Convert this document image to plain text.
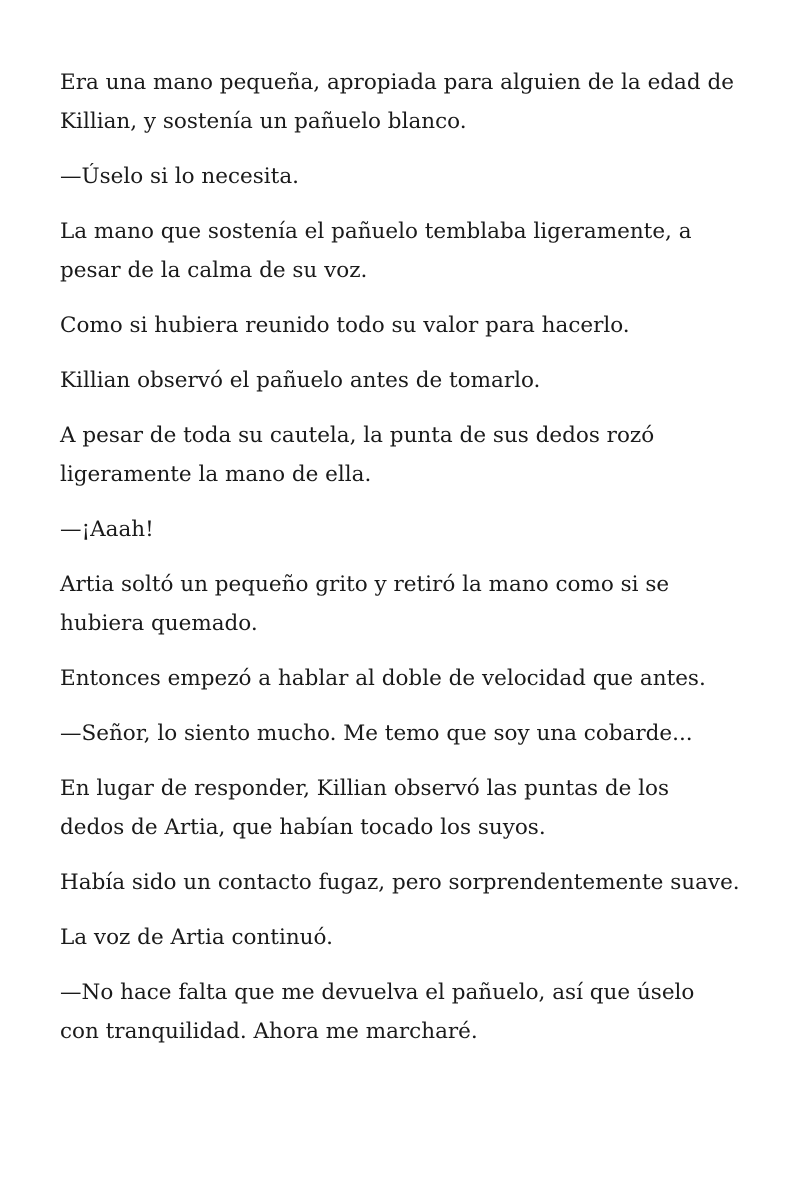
Era una mano pequeña, apropiada para alguien de la edad de Killian, y sostenía un pañuelo blanco.

—Úselo si lo necesita.

La mano que sostenía el pañuelo temblaba ligeramente, a pesar de la calma de su voz.

Como si hubiera reunido todo su valor para hacerlo.

Killian observó el pañuelo antes de tomarlo.

A pesar de toda su cautela, la punta de sus dedos rozó ligeramente la mano de ella.

—¡Aaah!

Artia soltó un pequeño grito y retiró la mano como si se hubiera quemado.

Entonces empezó a hablar al doble de velocidad que antes.

—Señor, lo siento mucho. Me temo que soy una cobarde...

En lugar de responder, Killian observó las puntas de los dedos de Artia, que habían tocado los suyos.

Había sido un contacto fugaz, pero sorprendentemente suave.

La voz de Artia continuó.

—No hace falta que me devuelva el pañuelo, así que úselo con tranquilidad. Ahora me marcharé.
